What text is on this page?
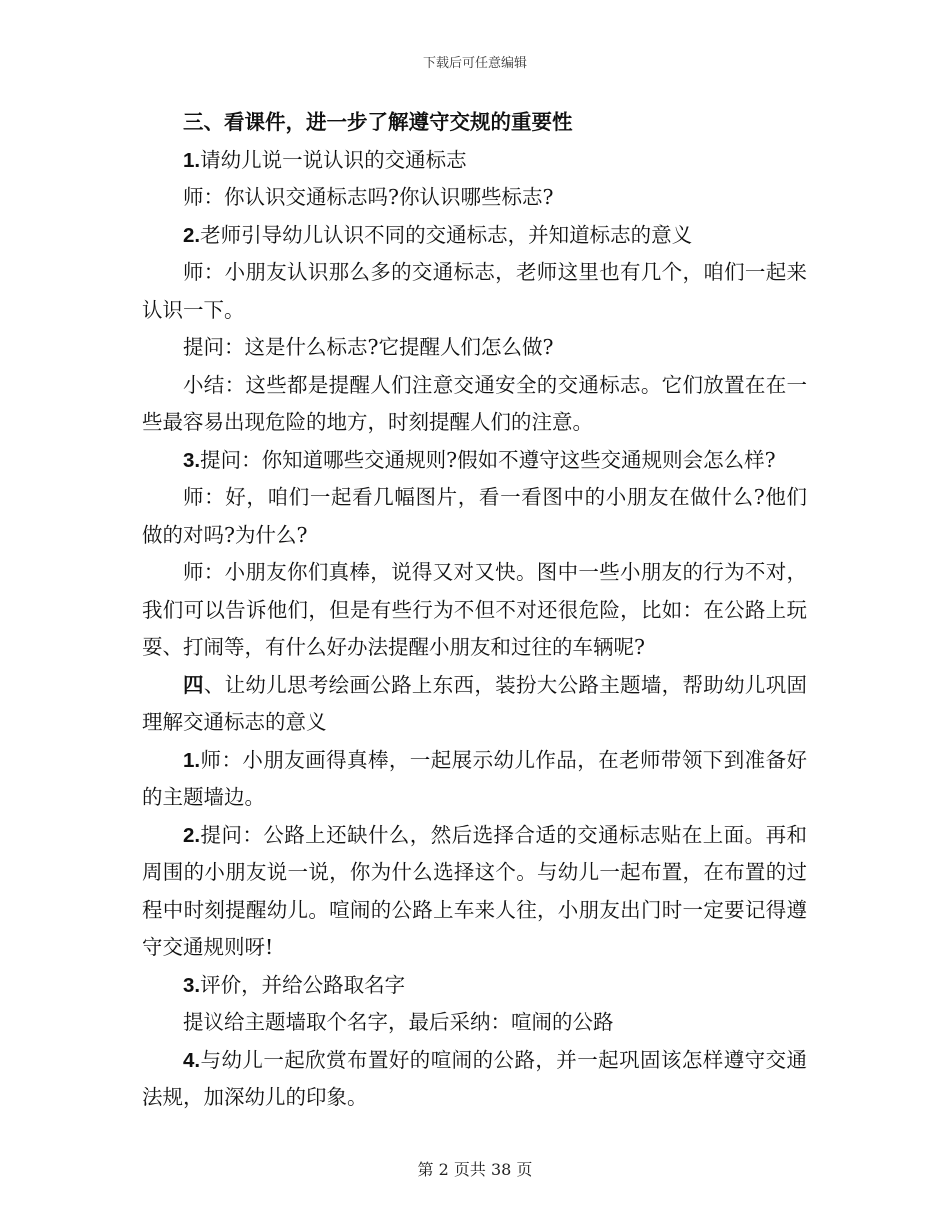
下载后可任意编辑

三、看课件，进一步了解遵守交规的重要性

1.请幼儿说一说认识的交通标志

师：你认识交通标志吗?你认识哪些标志?

2.老师引导幼儿认识不同的交通标志，并知道标志的意义

师：小朋友认识那么多的交通标志，老师这里也有几个，咱们一起来认识一下。

提问：这是什么标志?它提醒人们怎么做?

小结：这些都是提醒人们注意交通安全的交通标志。它们放置在在一些最容易出现危险的地方，时刻提醒人们的注意。

3.提问：你知道哪些交通规则?假如不遵守这些交通规则会怎么样?

师：好，咱们一起看几幅图片，看一看图中的小朋友在做什么?他们做的对吗?为什么?

师：小朋友你们真棒，说得又对又快。图中一些小朋友的行为不对，我们可以告诉他们，但是有些行为不但不对还很危险，比如：在公路上玩耍、打闹等，有什么好办法提醒小朋友和过往的车辆呢?

四、让幼儿思考绘画公路上东西，装扮大公路主题墙，帮助幼儿巩固理解交通标志的意义

1.师：小朋友画得真棒，一起展示幼儿作品，在老师带领下到准备好的主题墙边。

2.提问：公路上还缺什么，然后选择合适的交通标志贴在上面。再和周围的小朋友说一说，你为什么选择这个。与幼儿一起布置，在布置的过程中时刻提醒幼儿。喧闹的公路上车来人往，小朋友出门时一定要记得遵守交通规则呀!

3.评价，并给公路取名字

提议给主题墙取个名字，最后采纳：喧闹的公路

4.与幼儿一起欣赏布置好的喧闹的公路，并一起巩固该怎样遵守交通法规，加深幼儿的印象。

第 2 页共 38 页
